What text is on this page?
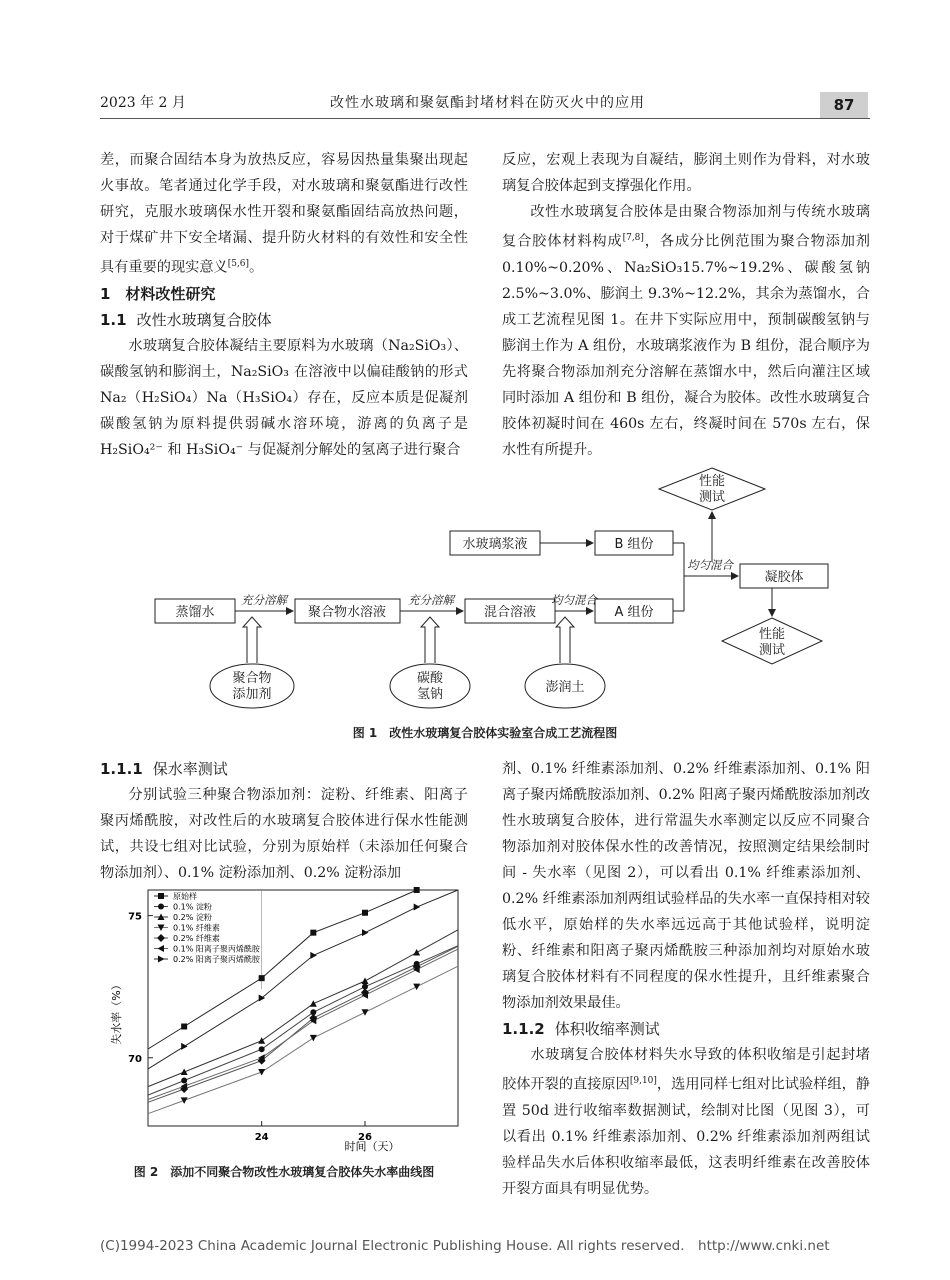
2023 年 2 月	改性水玻璃和聚氨酯封堵材料在防灭火中的应用	87

差，而聚合固结本身为放热反应，容易因热量集聚出现起火事故。笔者通过化学手段，对水玻璃和聚氨酯进行改性研究，克服水玻璃保水性开裂和聚氨酯固结高放热问题，对于煤矿井下安全堵漏、提升防火材料的有效性和安全性具有重要的现实意义[5,6]。

1　材料改性研究

1.1 改性水玻璃复合胶体

水玻璃复合胶体凝结主要原料为水玻璃（Na₂SiO₃）、碳酸氢钠和膨润土，Na₂SiO₃ 在溶液中以偏硅酸钠的形式 Na₂（H₂SiO₄）Na（H₃SiO₄）存在，反应本质是促凝剂碳酸氢钠为原料提供弱碱水溶环境，游离的负离子是 H₂SiO₄²⁻ 和 H₃SiO₄⁻ 与促凝剂分解处的氢离子进行聚合

反应，宏观上表现为自凝结，膨润土则作为骨料，对水玻璃复合胶体起到支撑强化作用。

改性水玻璃复合胶体是由聚合物添加剂与传统水玻璃复合胶体材料构成[7,8]，各成分比例范围为聚合物添加剂 0.10%~0.20%、Na₂SiO₃15.7%~19.2%、碳酸氢钠 2.5%~3.0%、膨润土 9.3%~12.2%，其余为蒸馏水，合成工艺流程见图 1。在井下实际应用中，预制碳酸氢钠与膨润土作为 A 组份，水玻璃浆液作为 B 组份，混合顺序为先将聚合物添加剂充分溶解在蒸馏水中，然后向灌注区域同时添加 A 组份和 B 组份，凝合为胶体。改性水玻璃复合胶体初凝时间在 460s 左右，终凝时间在 570s 左右，保水性有所提升。

性能
测试
性能
测试
水玻璃浆液	B 组份
凝胶体
蒸馏水	聚合物水溶液	混合溶液	A 组份
聚合物
添加剂
碳酸
氢钠	澎润土
充分溶解	充分溶解	均匀混合
均匀混合
图 1　改性水玻璃复合胶体实验室合成工艺流程图

1.1.1 保水率测试

分别试验三种聚合物添加剂：淀粉、纤维素、阳离子聚丙烯酰胺，对改性后的水玻璃复合胶体进行保水性能测试，共设七组对比试验，分别为原始样（未添加任何聚合物添加剂）、0.1% 淀粉添加剂、0.2% 淀粉添加

失水率（%）
时间（天）
24	26
70
75
原始样
0.1% 淀粉
0.2% 淀粉
0.1% 纤维素
0.2% 纤维素
0.1% 阳离子聚丙烯酰胺
0.2% 阳离子聚丙烯酰胺
图 2　添加不同聚合物改性水玻璃复合胶体失水率曲线图

剂、0.1% 纤维素添加剂、0.2% 纤维素添加剂、0.1% 阳离子聚丙烯酰胺添加剂、0.2% 阳离子聚丙烯酰胺添加剂改性水玻璃复合胶体，进行常温失水率测定以反应不同聚合物添加剂对胶体保水性的改善情况，按照测定结果绘制时间 - 失水率（见图 2），可以看出 0.1% 纤维素添加剂、0.2% 纤维素添加剂两组试验样品的失水率一直保持相对较低水平，原始样的失水率远远高于其他试验样，说明淀粉、纤维素和阳离子聚丙烯酰胺三种添加剂均对原始水玻璃复合胶体材料有不同程度的保水性提升，且纤维素聚合物添加剂效果最佳。

1.1.2 体积收缩率测试

水玻璃复合胶体材料失水导致的体积收缩是引起封堵胶体开裂的直接原因[9,10]，选用同样七组对比试验样组，静置 50d 进行收缩率数据测试，绘制对比图（见图 3），可以看出 0.1% 纤维素添加剂、0.2% 纤维素添加剂两组试验样品失水后体积收缩率最低，这表明纤维素在改善胶体开裂方面具有明显优势。

(C)1994-2023 China Academic Journal Electronic Publishing House. All rights reserved.　http://www.cnki.net
